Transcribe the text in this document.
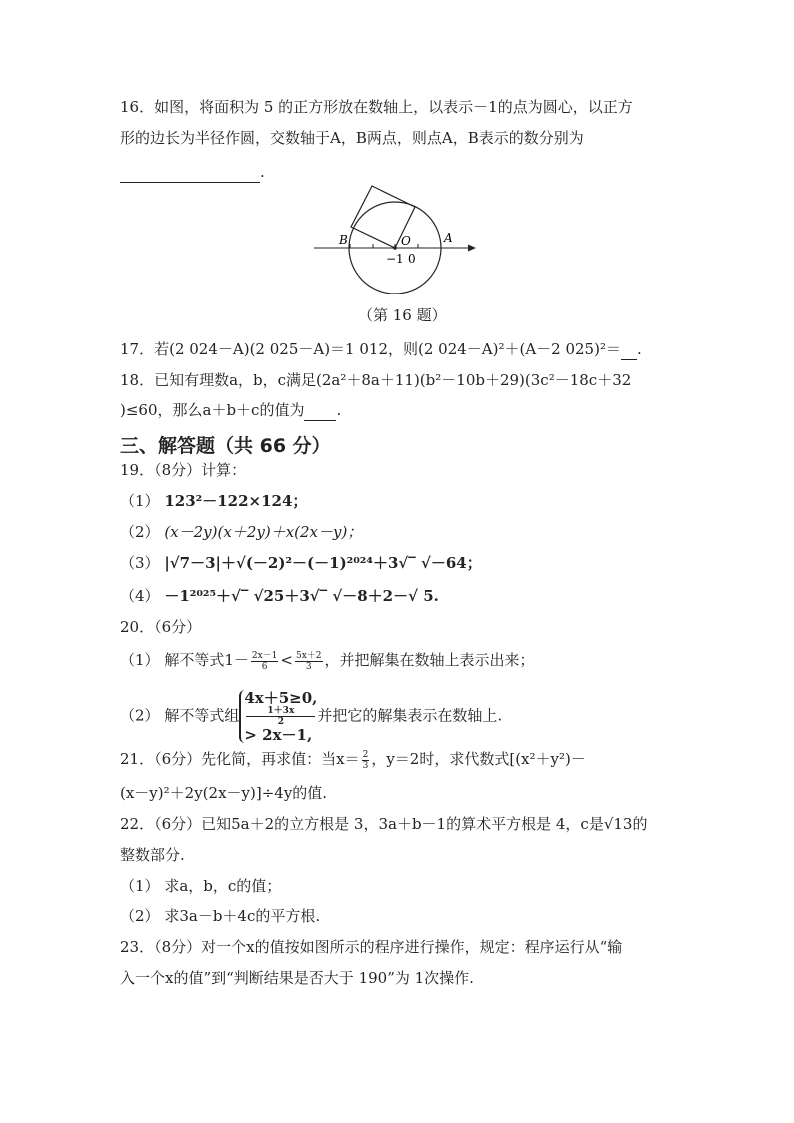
16．如图，将面积为 5 的正方形放在数轴上，以表示－1的点为圆心，以正方
形的边长为半径作圆，交数轴于A，B两点，则点A，B表示的数分别为
.
B	O	A
−1 0
（第 16 题）
17．若(2 024－A)(2 025－A)＝1 012，则(2 024－A)²＋(A－2 025)²＝ .
18．已知有理数a，b，c满足(2a²＋8a＋11)(b²－10b＋29)(3c²－18c＋32
)≤60，那么a＋b＋c的值为 .
三、解答题（共 66 分）
19．（8分）计算：
（1） 123²－122×124；
（2） (x－2y)(x＋2y)＋x(2x－y)；
（3） |√7－3|＋√(－2)²－(－1)²⁰²⁴＋3√‾ √－64；
（4） －1²⁰²⁵＋√‾ √25＋3√‾ √－8＋2－√ 5.
20．（6分）
（1） 解不等式$1- \frac{2x-1}{6} < \frac{5x+2}{3}$ ，并把解集在数轴上表示出来；
（2） 解不等式组
4x＋5≥0,
1＋3x
2
> 2x－1,
并把它的解集表示在数轴上.
21．（6分）先化简，再求值：当$x= \frac{2}{3}$ ，y＝2时，求代数式[(x²＋y²)－
(x－y)²＋2y(2x－y)]÷4y的值.
22．（6分）已知5a＋2的立方根是 3，3a＋b－1的算术平方根是 4，c是√13的
整数部分.
（1） 求a，b，c的值；
（2） 求3a－b＋4c的平方根.
23．（8分）对一个x的值按如图所示的程序进行操作，规定：程序运行从“输
入一个x的值”到“判断结果是否大于 190”为 1次操作.
